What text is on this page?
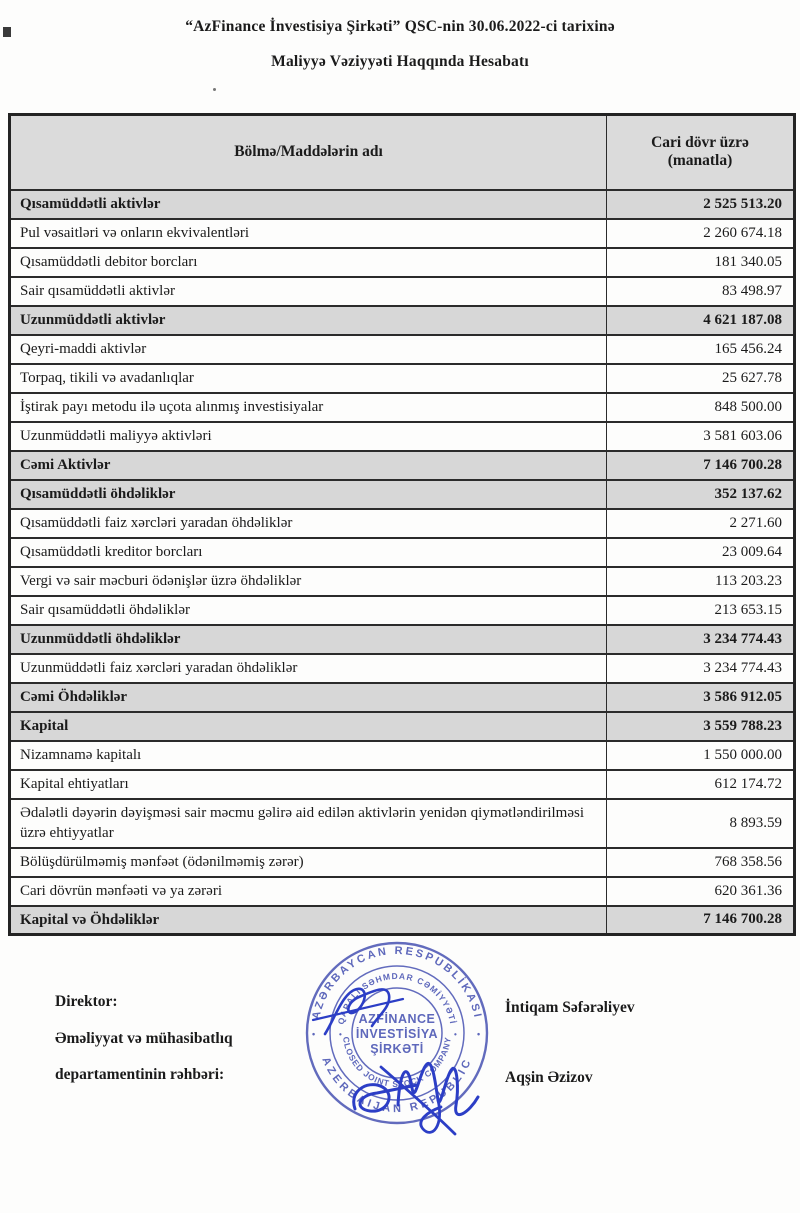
“AzFinance İnvestisiya Şirkəti” QSC-nin 30.06.2022-ci tarixinə
Maliyyə Vəziyyəti Haqqında Hesabatı
Bölmə/Maddələrin adı	Cari dövr üzrə
(manatla)

Qısamüddətli aktivlər	2 525 513.20
Pul vəsaitləri və onların ekvivalentləri	2 260 674.18
Qısamüddətli debitor borcları	181 340.05
Sair qısamüddətli aktivlər	83 498.97
Uzunmüddətli aktivlər	4 621 187.08
Qeyri-maddi aktivlər	165 456.24
Torpaq, tikili və avadanlıqlar	25 627.78
İştirak payı metodu ilə uçota alınmış investisiyalar	848 500.00
Uzunmüddətli maliyyə aktivləri	3 581 603.06
Cəmi Aktivlər	7 146 700.28
Qısamüddətli öhdəliklər	352 137.62
Qısamüddətli faiz xərcləri yaradan öhdəliklər	2 271.60
Qısamüddətli kreditor borcları	23 009.64
Vergi və sair məcburi ödənişlər üzrə öhdəliklər	113 203.23
Sair qısamüddətli öhdəliklər	213 653.15
Uzunmüddətli öhdəliklər	3 234 774.43
Uzunmüddətli faiz xərcləri yaradan öhdəliklər	3 234 774.43
Cəmi Öhdəliklər	3 586 912.05
Kapital	3 559 788.23
Nizamnamə kapitalı	1 550 000.00
Kapital ehtiyatları	612 174.72
Ədalətli dəyərin dəyişməsi sair məcmu gəlirə aid edilən aktivlərin yenidən qiymətləndirilməsi üzrə ehtiyyatlar	8 893.59
Bölüşdürülməmiş mənfəət (ödənilməmiş zərər)	768 358.56
Cari dövrün mənfəəti və ya zərəri	620 361.36
Kapital və Öhdəliklər	7 146 700.28
Direktor:
Əməliyyat və mühasibatlıq
departamentinin rəhbəri:
İntiqam Səfərəliyev
Aqşin Əzizov
AZƏRBAYCAN RESPUBLİKASI
AZERBAIJAN REPUBLIC
QAPALI SƏHMDAR CƏMİYYƏTİ
CLOSED JOINT STOCK COMPANY
•	•
•	•
AZFİNANCE
İNVESTİSİYA
ŞİRKƏTİ
